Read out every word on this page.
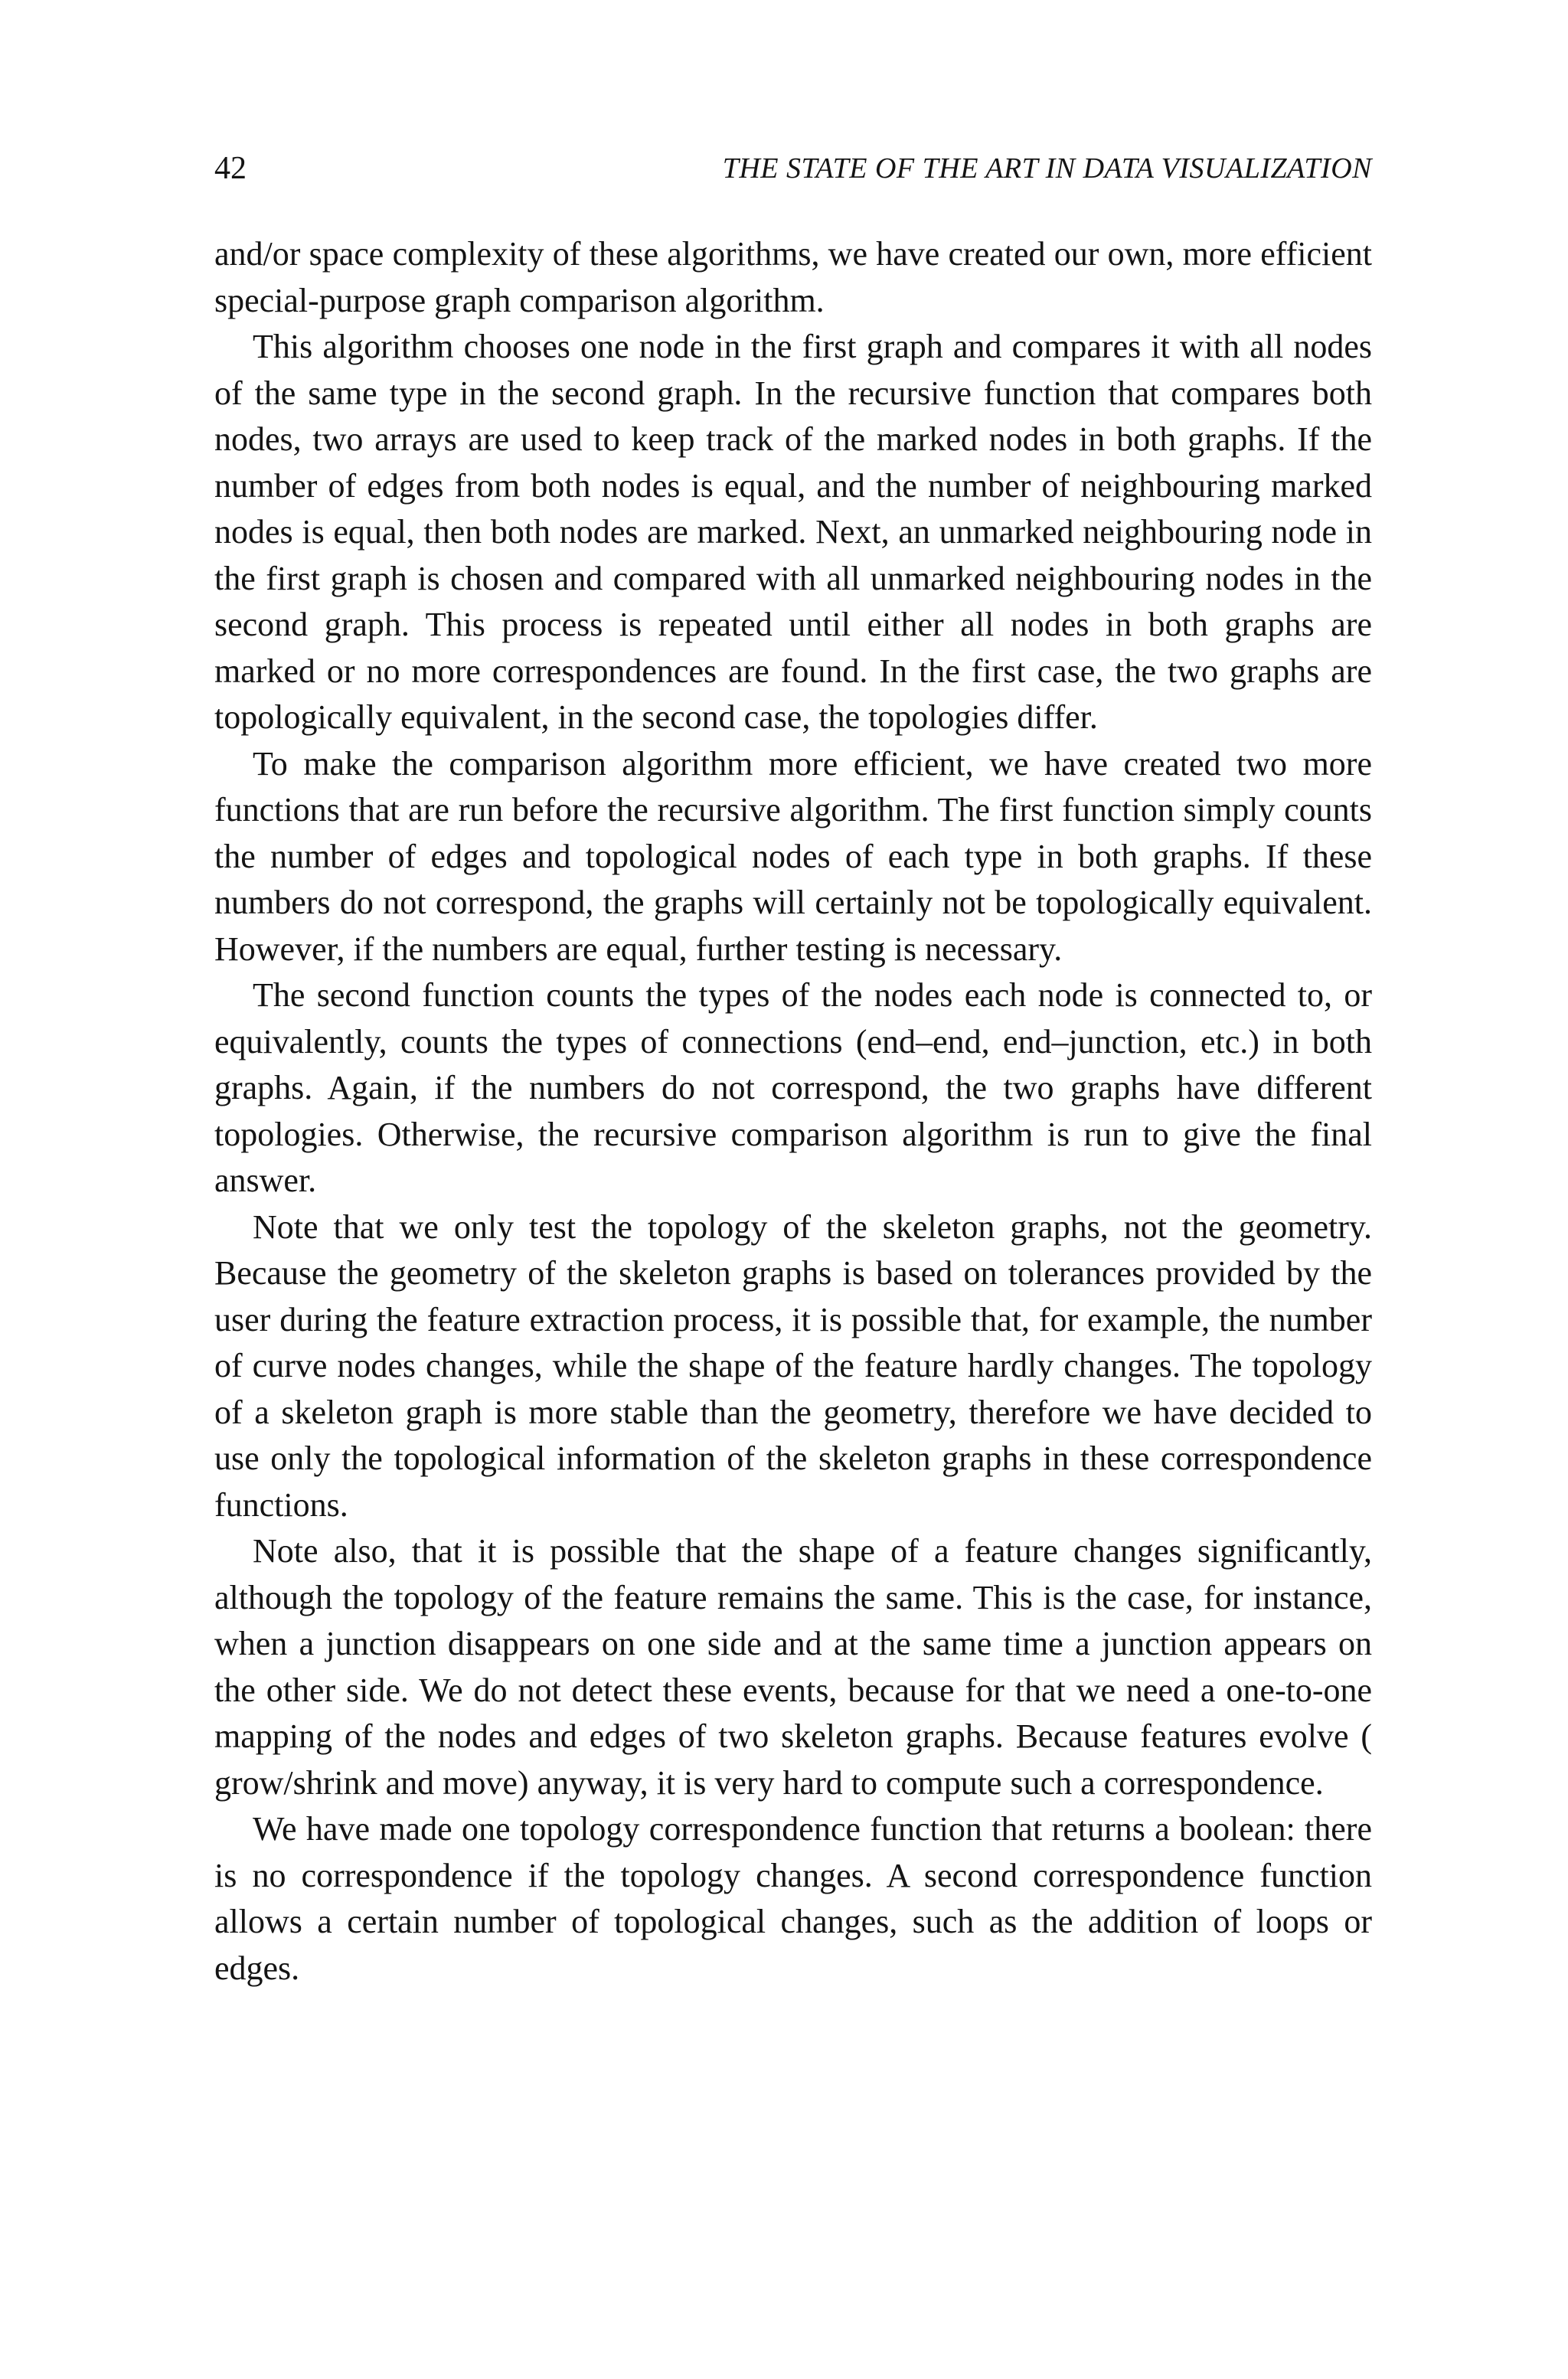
42	THE STATE OF THE ART IN DATA VISUALIZATION

and/or space complexity of these algorithms, we have created our own, more efficient special-purpose graph comparison algorithm.

This algorithm chooses one node in the first graph and compares it with all nodes of the same type in the second graph. In the recursive function that compares both nodes, two arrays are used to keep track of the marked nodes in both graphs. If the number of edges from both nodes is equal, and the number of neighbouring marked nodes is equal, then both nodes are marked. Next, an unmarked neighbouring node in the first graph is chosen and compared with all unmarked neighbouring nodes in the second graph. This process is repeated until either all nodes in both graphs are marked or no more correspondences are found. In the first case, the two graphs are topologically equivalent, in the second case, the topologies differ.

To make the comparison algorithm more efficient, we have created two more functions that are run before the recursive algorithm. The first function simply counts the number of edges and topological nodes of each type in both graphs. If these numbers do not correspond, the graphs will certainly not be topologically equivalent. However, if the numbers are equal, further testing is necessary.

The second function counts the types of the nodes each node is connected to, or equivalently, counts the types of connections (end–end, end–junction, etc.) in both graphs. Again, if the numbers do not correspond, the two graphs have different topologies. Otherwise, the recursive comparison algorithm is run to give the final answer.

Note that we only test the topology of the skeleton graphs, not the geometry. Because the geometry of the skeleton graphs is based on tolerances provided by the user during the feature extraction process, it is possible that, for example, the number of curve nodes changes, while the shape of the feature hardly changes. The topology of a skeleton graph is more stable than the geometry, therefore we have decided to use only the topological information of the skeleton graphs in these correspondence functions.

Note also, that it is possible that the shape of a feature changes significantly, although the topology of the feature remains the same. This is the case, for instance, when a junction disappears on one side and at the same time a junction appears on the other side. We do not detect these events, because for that we need a one-to-one mapping of the nodes and edges of two skeleton graphs. Because features evolve ( grow/shrink and move) anyway, it is very hard to compute such a correspondence.

We have made one topology correspondence function that returns a boolean: there is no correspondence if the topology changes. A second correspondence function allows a certain number of topological changes, such as the addition of loops or edges.
